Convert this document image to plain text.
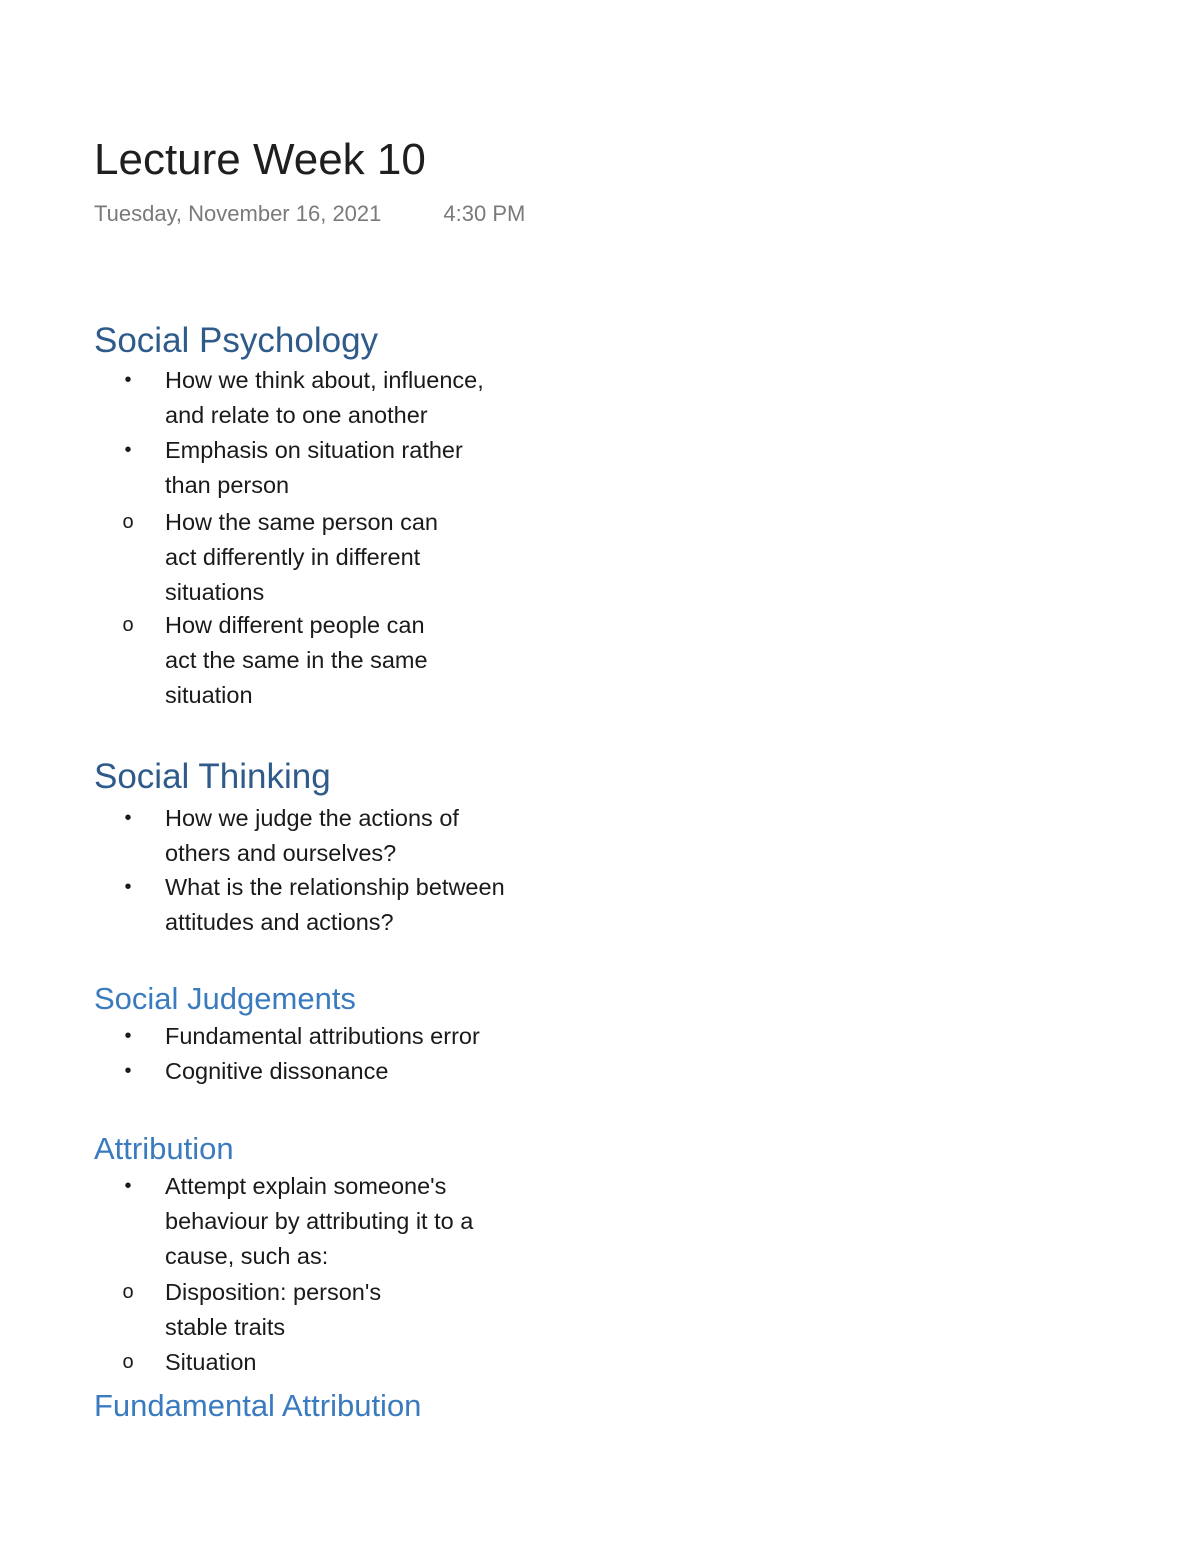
Lecture Week 10
Tuesday, November 16, 2021	4:30 PM
Social Psychology
• How we think about, influence, and relate to one another
• Emphasis on situation rather than person
o How the same person can act differently in different situations
o How different people can act the same in the same situation
Social Thinking
• How we judge the actions of others and ourselves?
• What is the relationship between attitudes and actions?
Social Judgements
• Fundamental attributions error
• Cognitive dissonance
Attribution
• Attempt explain someone's behaviour by attributing it to a cause, such as:
o Disposition: person's stable traits
o Situation
Fundamental Attribution
